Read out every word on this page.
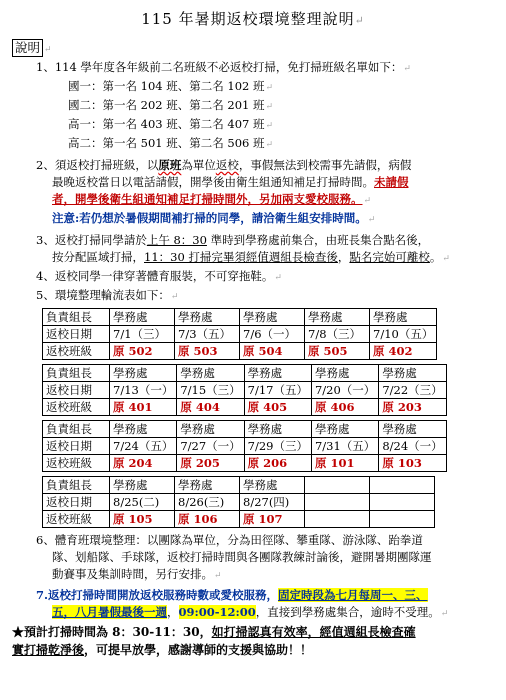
115 年暑期返校環境整理說明↵
說明 ↵
1、114 學年度各年級前二名班級不必返校打掃，免打掃班級名單如下：↵
國一：第一名 104 班、第二名 102 班↵
國二：第一名 202 班、第二名 201 班↵
高一：第一名 403 班、第二名 407 班↵
高二：第一名 501 班、第二名 506 班↵
2、須返校打掃班級，以原班為單位返校，事假無法到校需事先請假，病假
最晚返校當日以電話請假，開學後由衛生組通知補足打掃時間。未請假
者，開學後衛生組通知補足打掃時間外，另加兩支愛校服務。↵
注意:若仍想於暑假期間補打掃的同學，請洽衛生組安排時間。↵
3、返校打掃同學請於上午 8：30 準時到學務處前集合，由班長集合點名後，
按分配區域打掃，11：30 打掃完畢須經值週組長檢查後，點名完始可離校。↵
4、返校同學一律穿著體育服裝，不可穿拖鞋。↵
5、環境整理輪流表如下：↵
負責組長	學務處	學務處	學務處	學務處	學務處
返校日期	7/1（三）	7/3（五）	7/6（一）	7/8（三）	7/10（五）
返校班級	原 502	原 503	原 504	原 505	原 402
負責組長	學務處	學務處	學務處	學務處	學務處
返校日期	7/13（一）	7/15（三）	7/17（五）	7/20（一）	7/22（三）
返校班級	原 401	原 404	原 405	原 406	原 203
負責組長	學務處	學務處	學務處	學務處	學務處
返校日期	7/24（五）	7/27（一）	7/29（三）	7/31（五）	8/24（一）
返校班級	原 204	原 205	原 206	原 101	原 103
負責組長	學務處	學務處	學務處		
返校日期	8/25(二)	8/26(三)	8/27(四)		
返校班級	原 105	原 106	原 107		
6、體育班環境整理：以團隊為單位，分為田徑隊、攀重隊、游泳隊、跆拳道
隊、划船隊、手球隊，返校打掃時間與各團隊教練討論後，避開暑期團隊運
動賽事及集訓時間，另行安排。↵
7.返校打掃時間開放返校服務時數或愛校服務，固定時段為七月每周一、三、
五，八月暑假最後一週，09:00-12:00，直接到學務處集合，逾時不受理。↵
★預計打掃時間為 8：30-11：30，如打掃認真有效率，經值週組長檢查確
實打掃乾淨後，可提早放學，感謝導師的支援與協助！！
